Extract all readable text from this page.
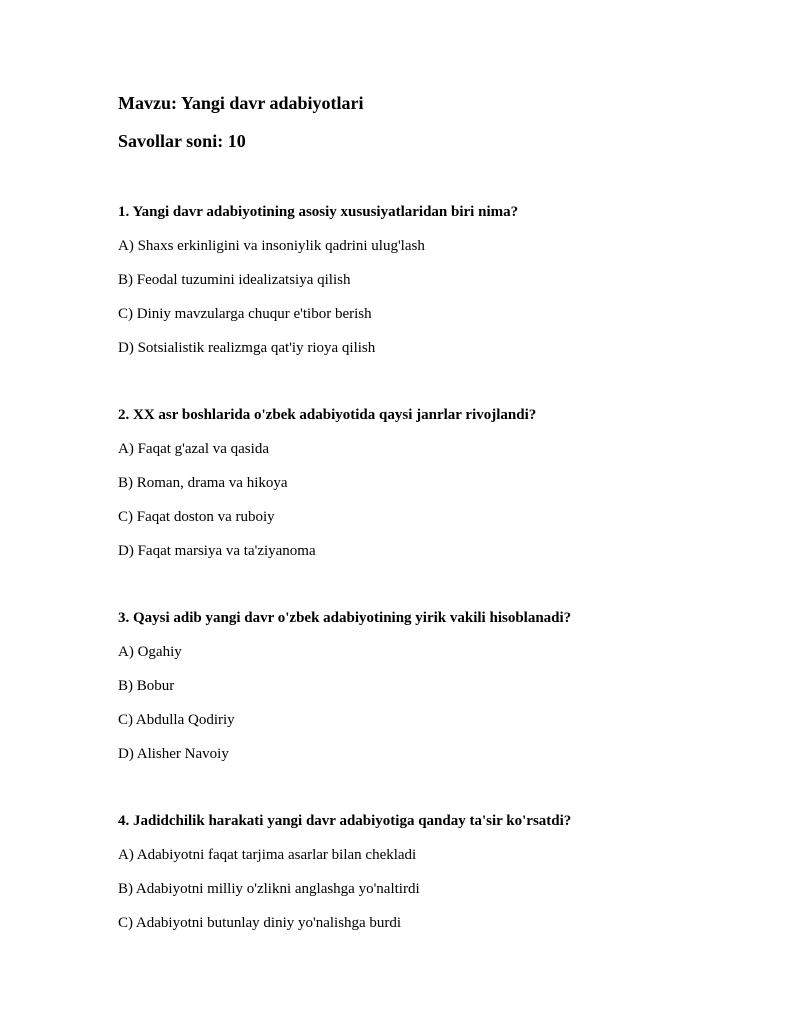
Mavzu: Yangi davr adabiyotlari
Savollar soni: 10
1. Yangi davr adabiyotining asosiy xususiyatlaridan biri nima?
A) Shaxs erkinligini va insoniylik qadrini ulug'lash
B) Feodal tuzumini idealizatsiya qilish
C) Diniy mavzularga chuqur e'tibor berish
D) Sotsialistik realizmga qat'iy rioya qilish
2. XX asr boshlarida o'zbek adabiyotida qaysi janrlar rivojlandi?
A) Faqat g'azal va qasida
B) Roman, drama va hikoya
C) Faqat doston va ruboiy
D) Faqat marsiya va ta'ziyanoma
3. Qaysi adib yangi davr o'zbek adabiyotining yirik vakili hisoblanadi?
A) Ogahiy
B) Bobur
C) Abdulla Qodiriy
D) Alisher Navoiy
4. Jadidchilik harakati yangi davr adabiyotiga qanday ta'sir ko'rsatdi?
A) Adabiyotni faqat tarjima asarlar bilan chekladi
B) Adabiyotni milliy o'zlikni anglashga yo'naltirdi
C) Adabiyotni butunlay diniy yo'nalishga burdi
